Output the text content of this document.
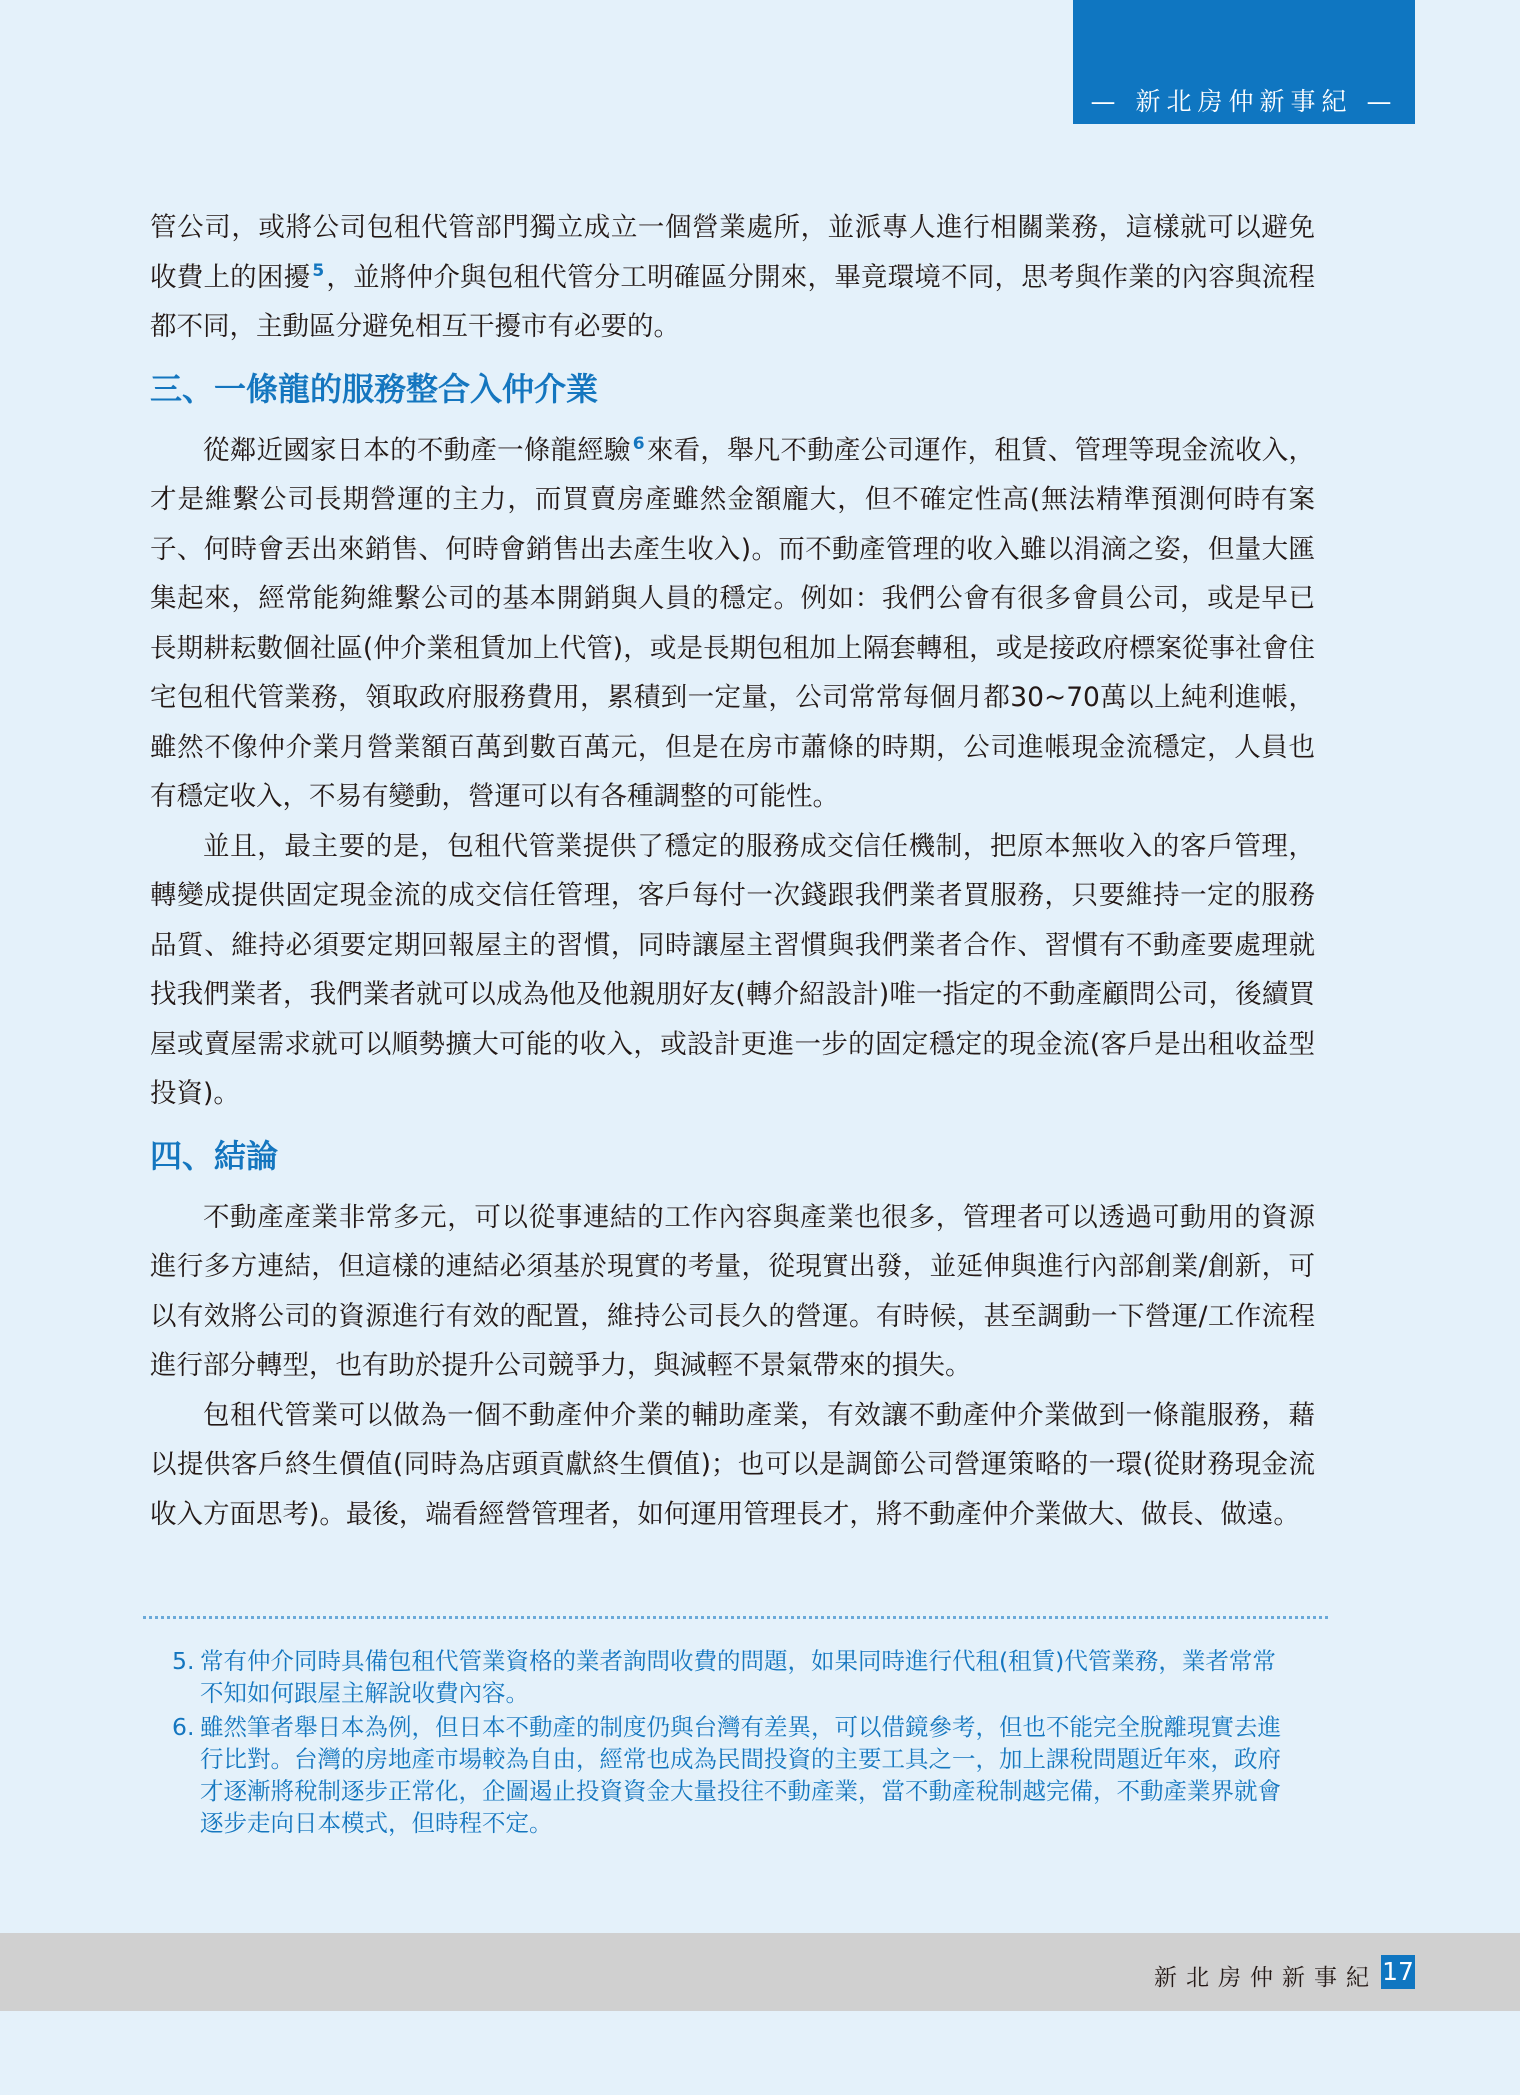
— 新北房仲新事紀 —

管公司，或將公司包租代管部門獨立成立一個營業處所，並派專人進行相關業務，這樣就可以避免收費上的困擾 $^5$，並將仲介與包租代管分工明確區分開來，畢竟環境不同，思考與作業的內容與流程都不同，主動區分避免相互干擾市有必要的。

三、一條龍的服務整合入仲介業

從鄰近國家日本的不動產一條龍經驗 $^6$來看，舉凡不動產公司運作，租賃、管理等現金流收入，才是維繫公司長期營運的主力，而買賣房產雖然金額龐大，但不確定性高(無法精準預測何時有案子、何時會丟出來銷售、何時會銷售出去產生收入)。而不動產管理的收入雖以涓滴之姿，但量大匯集起來，經常能夠維繫公司的基本開銷與人員的穩定。例如：我們公會有很多會員公司，或是早已長期耕耘數個社區(仲介業租賃加上代管)，或是長期包租加上隔套轉租，或是接政府標案從事社會住宅包租代管業務，領取政府服務費用，累積到一定量，公司常常每個月都30~70萬以上純利進帳，雖然不像仲介業月營業額百萬到數百萬元，但是在房市蕭條的時期，公司進帳現金流穩定，人員也有穩定收入，不易有變動，營運可以有各種調整的可能性。

並且，最主要的是，包租代管業提供了穩定的服務成交信任機制，把原本無收入的客戶管理，轉變成提供固定現金流的成交信任管理，客戶每付一次錢跟我們業者買服務，只要維持一定的服務品質、維持必須要定期回報屋主的習慣，同時讓屋主習慣與我們業者合作、習慣有不動產要處理就找我們業者，我們業者就可以成為他及他親朋好友(轉介紹設計)唯一指定的不動產顧問公司，後續買屋或賣屋需求就可以順勢擴大可能的收入，或設計更進一步的固定穩定的現金流(客戶是出租收益型投資)。

四、結論

不動產產業非常多元，可以從事連結的工作內容與產業也很多，管理者可以透過可動用的資源進行多方連結，但這樣的連結必須基於現實的考量，從現實出發，並延伸與進行內部創業/創新，可以有效將公司的資源進行有效的配置，維持公司長久的營運。有時候，甚至調動一下營運/工作流程進行部分轉型，也有助於提升公司競爭力，與減輕不景氣帶來的損失。

包租代管業可以做為一個不動產仲介業的輔助產業，有效讓不動產仲介業做到一條龍服務，藉以提供客戶終生價值(同時為店頭貢獻終生價值)；也可以是調節公司營運策略的一環(從財務現金流收入方面思考)。最後，端看經營管理者，如何運用管理長才，將不動產仲介業做大、做長、做遠。

5. 常有仲介同時具備包租代管業資格的業者詢問收費的問題，如果同時進行代租(租賃)代管業務，業者常常不知如何跟屋主解說收費內容。
6. 雖然筆者舉日本為例，但日本不動產的制度仍與台灣有差異，可以借鏡參考，但也不能完全脫離現實去進行比對。台灣的房地產市場較為自由，經常也成為民間投資的主要工具之一，加上課稅問題近年來，政府才逐漸將稅制逐步正常化，企圖遏止投資資金大量投往不動產業，當不動產稅制越完備，不動產業界就會逐步走向日本模式，但時程不定。
新北房仲新事紀 17
